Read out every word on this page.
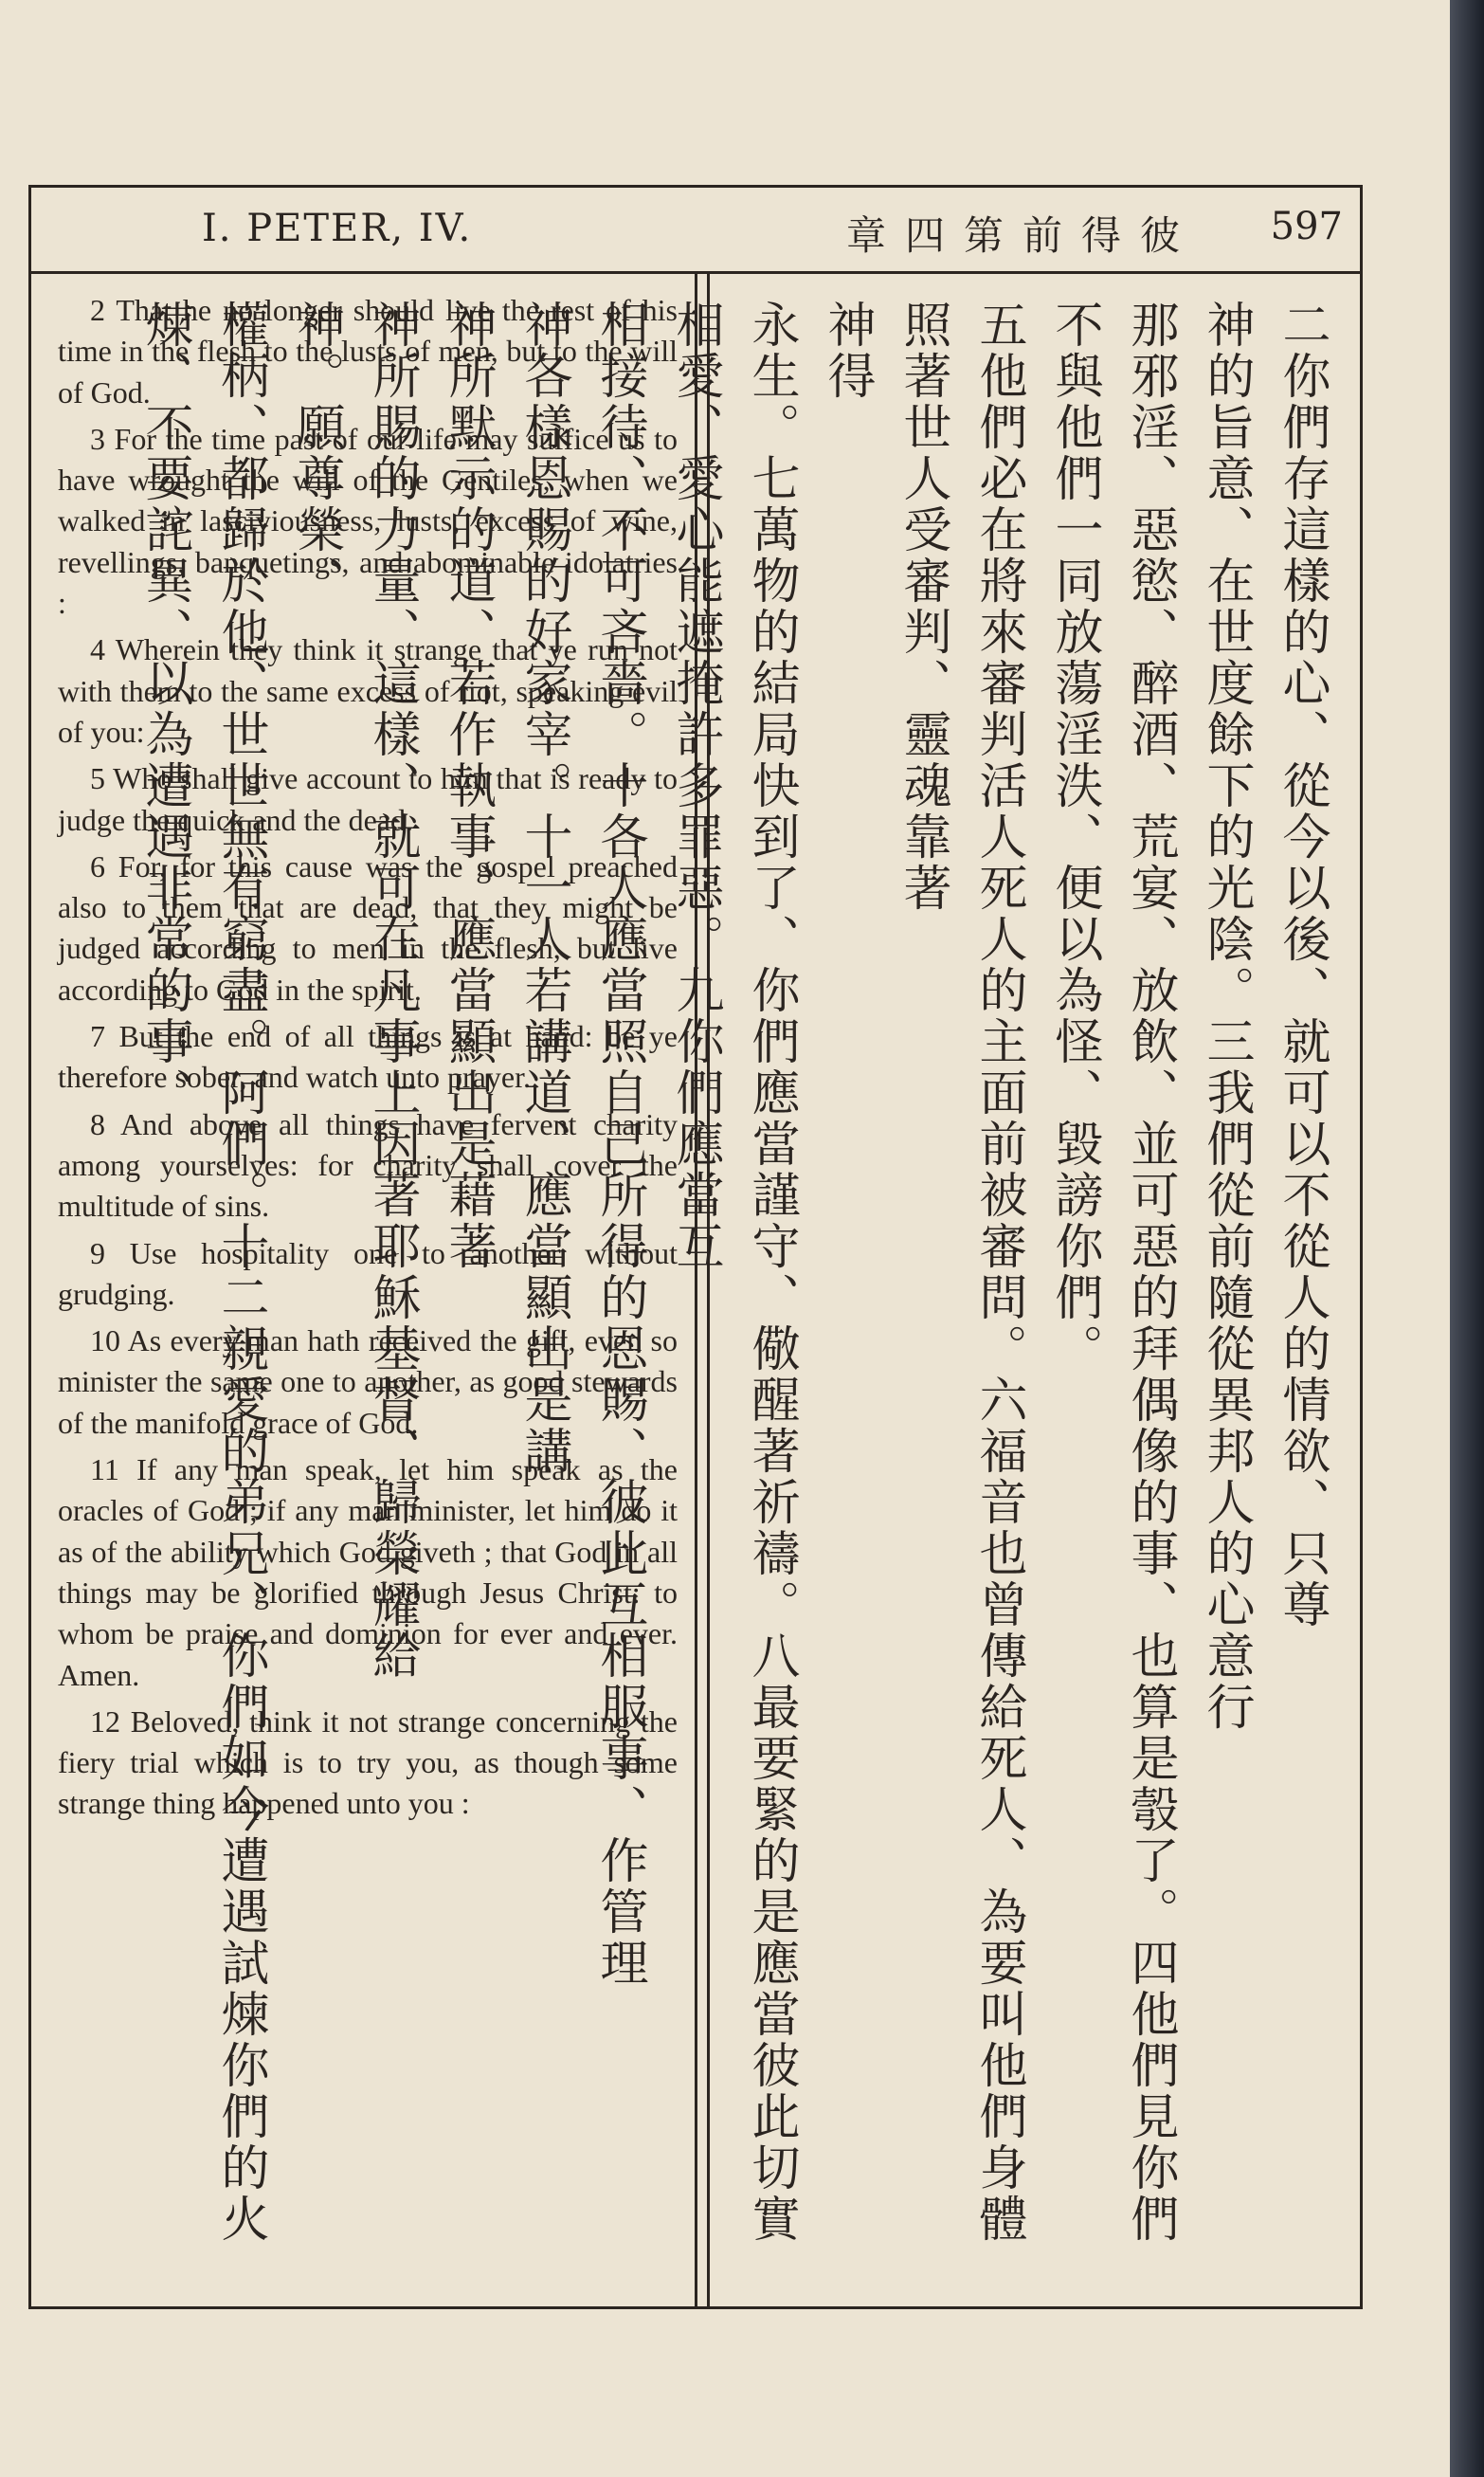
I. PETER, IV.	章四第前得彼 597

2 That he no longer should live the rest of his time in the flesh to the lusts of men, but to the will of God.

3 For the time past of our life may suffice us to have wrought the will of the Gentiles, when we walked in lasciviousness, lusts, excess of wine, revellings, banquetings, and abominable idolatries :

4 Wherein they think it strange that ye run not with them to the same excess of riot, speaking evil of you:

5 Who shall give account to him that is ready to judge the quick and the dead.

6 For, for this cause was the gospel preached also to them that are dead, that they might be judged according to men in the flesh, but live according to God in the spirit.

7 But the end of all things is at hand: be ye therefore sober, and watch unto prayer.

8 And above all things have fervent charity among yourselves: for charity shall cover the multitude of sins.

9 Use hospitality one to another without grudging.

10 As every man hath received the gift, even so minister the same one to another, as good stewards of the manifold grace of God.

11 If any man speak, let him speak as the oracles of God ; if any man minister, let him do it as of the ability which God giveth ; that God in all things may be glorified through Jesus Christ: to whom be praise and dominion for ever and ever. Amen.

12 Beloved, think it not strange concerning the fiery trial which is to try you, as though some strange thing happened unto you :

二你們存這樣的心、從今以後、就可以不從人的情欲、只尊
神的旨意、在世度餘下的光陰。三我們從前隨從異邦人的心意行
那邪淫、惡慾、醉酒、荒宴、放飲、並可惡的拜偶像的事、也算是彀了。四他們見你們不與他們一同放蕩淫泆、便以為怪、毀謗你們。
五他們必在將來審判活人死人的主面前被審問。六福音也曾傳給死人、為要叫他們身體照著世人受審判、靈魂靠著
神得
永生。七萬物的結局快到了、你們應當謹守、儆醒著祈禱。八最要緊的是應當彼此切實相愛、愛心能遮掩許多罪惡。九你們應當互
相接待、不可吝嗇。十各人應當照自己所得的恩賜、彼此互相服事、作管理
神各樣恩賜的好家宰。十一人若講道、應當顯出是講
神所默示的道、若作執事、應當顯出是藉著
神所賜的力量、這樣、就可在凡事上因著耶穌基督、歸榮耀給
神。願尊榮、
權柄、都歸於他、世世無有窮盡。阿們。十二親愛的弟兄、你們如今遭遇試煉你們的火煉、不要詫異、以為遭遇非常的事、
